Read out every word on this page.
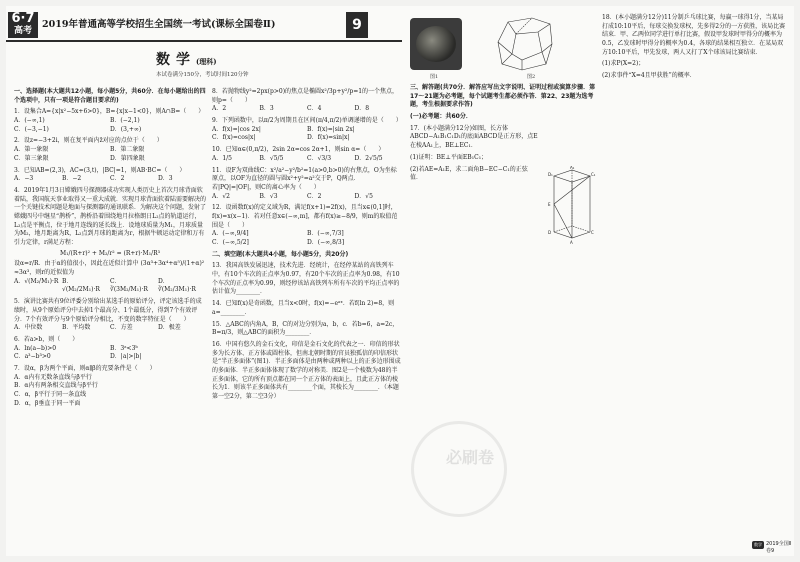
6·7
高考
2019年普通高等学校招生全国统一考试(课标全国卷Ⅱ)	9
数学(理科)
本试卷满分150分，考试时间120分钟
一、选择题(本大题共12小题，每小题5分，共60分．在每小题给出的四个选项中，只有一项是符合题目要求的)
1．设集合A={x|x²−5x+6>0}，B={x|x−1<0}，则A∩B=（　　）
A．(−∞,1)	B．(−2,1)
C．(−3,−1)	D．(3,+∞)
2．设z=−3+2i，则在复平面内z̄对应的点位于（　　）
A．第一象限	B．第二象限
C．第三象限	D．第四象限
3．已知AB=(2,3)，AC=(3,t)，|BC|=1，则AB·BC=（　　）
A．−3	B．−2	C．2	D．3
4．2019年1月3日嫦娥四号探测器成功实现人类历史上首次月球背面软着陆，我国航天事业取得又一重大成就．实现月球背面软着陆需要解决的一个关键技术问题是地面与探测器的通讯联系．为解决这个问题，发射了嫦娥四号中继星“鹊桥”，鹊桥沿着围绕地月拉格朗日L₂点的轨道运行，L₂点是平衡点，位于地月连线的延长线上．设地球质量为M₁，月球质量为M₂，地月距离为R，L₂点到月球的距离为r，根据牛顿运动定律和万有引力定律，r满足方程：
M₁/(R+r)² + M₂/r² = (R+r)·M₁/R³
设α=r/R．由于α的值很小，因此在近似计算中 (3α³+3α⁴+α⁵)/(1+α)² ≈3α³，则r的近似值为
A．√(M₂/M₁)·R B．√(M₂/2M₁)·R
C．∛(3M₂/M₁)·R
D．∛(M₂/3M₁)·R
5．演讲比赛共有9位评委分别给出某选手的原始评分，评定该选手的成绩时，从9个原始评分中去掉1个最高分、1个最低分，得到7个有效评分．7个有效评分与9个原始评分相比，不变的数字特征是（　　）
A．中位数	B．平均数	C．方差	D．极差
6．若a>b，则（　　）
A．ln(a−b)>0	B．3ᵃ<3ᵇ
C．a³−b³>0	D．|a|>|b|
7．设α，β为两个平面，则α∥β的充要条件是（　　）
A．α内有无数条直线与β平行
B．α内有两条相交直线与β平行
C．α，β平行于同一条直线
D．α，β垂直于同一平面
8．若抛物线y²=2px(p>0)的焦点是椭圆x²/3p+y²/p=1的一个焦点，则p=（　　）
A．2	B．3	C．4	D．8
9．下列函数中，以π/2为周期且在区间(π/4,π/2)单调递增的是（　　）
A．f(x)=|cos 2x|	B．f(x)=|sin 2x|
C．f(x)=cos|x|	D．f(x)=sin|x|
10．已知α∈(0,π/2)，2sin 2α=cos 2α+1，则sin α=（　　）
A．1/5	B．√5/5	C．√3/3	D．2√5/5
11．设F为双曲线C：x²/a²−y²/b²=1(a>0,b>0)的右焦点，O为坐标原点，以OF为直径的圆与圆x²+y²=a²交于P，Q两点．若|PQ|=|OF|，则C的离心率为（　　）
A．√2	B．√3	C．2	D．√5
12．设函数f(x)的定义域为R，满足f(x+1)=2f(x)，且当x∈(0,1]时，f(x)=x(x−1)．若对任意x∈(−∞,m]，都有f(x)≥−8/9，则m的取值范围是（　　）
A．(−∞,9/4]	B．(−∞,7/3]
C．(−∞,5/2]	D．(−∞,8/3]
二、填空题(本大题共4小题，每小题5分，共20分)
13．我国高铁发展迅速，技术先进．经统计，在经停某站的高铁列车中，有10个车次的正点率为0.97，有20个车次的正点率为0.98，有10个车次的正点率为0.99，则经停该站高铁列车所有车次的平均正点率的估计值为________．
14．已知f(x)是奇函数，且当x<0时，f(x)=−eᵃˣ．若f(ln 2)=8，则a=________．
15．△ABC的内角A，B，C的对边分别为a，b，c．若b=6，a=2c，B=π/3，则△ABC的面积为________．
16．中国有悠久的金石文化，印信是金石文化的代表之一．印信的形状多为长方体、正方体或圆柱体，但南北朝时期的官员独孤信的印信形状是“半正多面体”(图1)．半正多面体是由两种或两种以上的正多边形围成的多面体．半正多面体体现了数学的对称美．图2是一个棱数为48的半正多面体，它的所有顶点都在同一个正方体的表面上，且此正方体的棱长为1．则该半正多面体共有________个面，其棱长为________．（本题第一空2分，第二空3分）
图1	图2
三、解答题(共70分．解答应写出文字说明、证明过程或演算步骤．第17～21题为必考题，每个试题考生都必须作答．第22、23题为选考题，考生根据要求作答)
(一)必考题：共60分．
17．(本小题满分12分)如图，长方体ABCD−A₁B₁C₁D₁的底面ABCD是正方形，点E在棱AA₁上，BE⊥EC₁．
(1)证明：BE⊥平面EB₁C₁；
(2)若AE=A₁E，求二面角B−EC−C₁的正弦值．	D₁
A₁
C₁
E
D
A
C
18．(本小题满分12分)11分制乒乓球比赛，每赢一球得1分，当某局打成10:10平后，每球交换发球权，先多得2分的一方获胜，该局比赛结束．甲、乙两位同学进行单打比赛，假设甲发球时甲得分的概率为0.5，乙发球时甲得分的概率为0.4，各球的结果相互独立．在某局双方10:10平后，甲先发球，两人又打了X个球该局比赛结束．
(1)求P(X=2)；
(2)求事件“X=4且甲获胜”的概率．
必刷卷
数学 2019全国Ⅱ卷9
